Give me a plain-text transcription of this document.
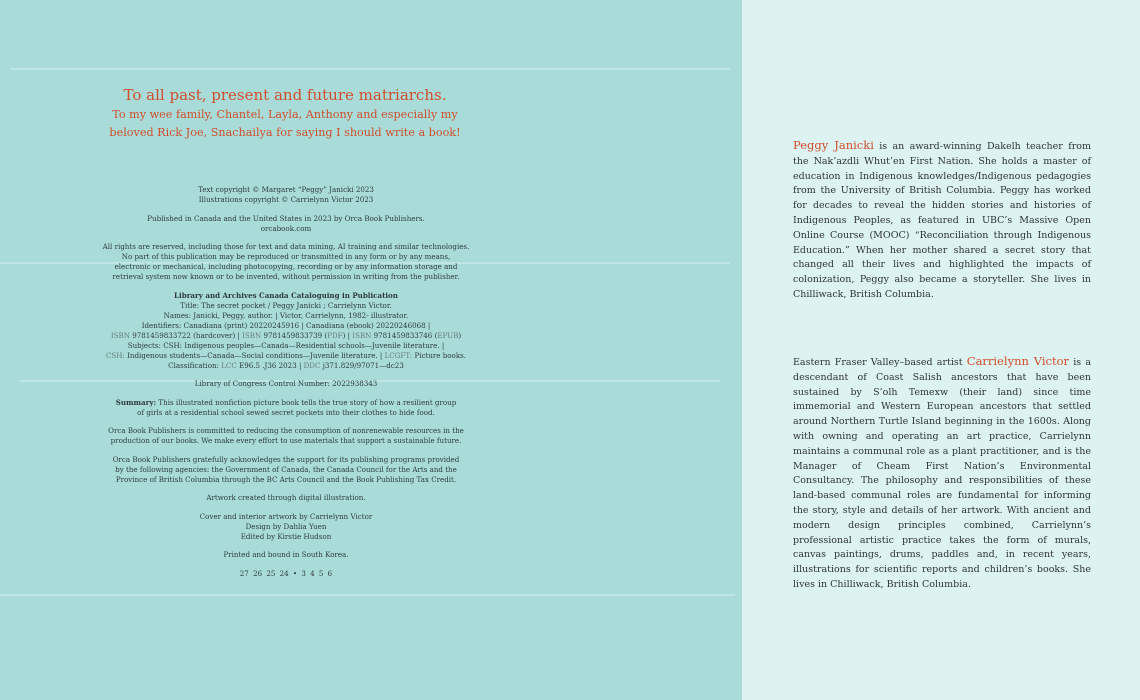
To all past, present and future matriarchs.
To my wee family, Chantel, Layla, Anthony and especially my
beloved Rick Joe, Snachailya for saying I should write a book!
Text copyright © Margaret “Peggy” Janicki 2023
Illustrations copyright © Carrielynn Victor 2023
Published in Canada and the United States in 2023 by Orca Book Publishers.
orcabook.com
All rights are reserved, including those for text and data mining, AI training and similar technologies.
No part of this publication may be reproduced or transmitted in any form or by any means,
electronic or mechanical, including photocopying, recording or by any information storage and
retrieval system now known or to be invented, without permission in writing from the publisher.
Library and Archives Canada Cataloguing in Publication
Title: The secret pocket / Peggy Janicki ; Carrielynn Victor.
Names: Janicki, Peggy, author. | Victor, Carrielynn, 1982- illustrator.
Identifiers: Canadiana (print) 20220245916 | Canadiana (ebook) 20220246068 |
ISBN 9781459833722 (hardcover) | ISBN 9781459833739 (PDF) | ISBN 9781459833746 (EPUB)
Subjects: CSH: Indigenous peoples—Canada—Residential schools—Juvenile literature. |
CSH: Indigenous students—Canada—Social conditions—Juvenile literature. | LCGFT: Picture books.
Classification: LCC E96.5 .J36 2023 | DDC j371.829/97071—dc23
Library of Congress Control Number: 2022938343
Summary: This illustrated nonfiction picture book tells the true story of how a resilient group
of girls at a residential school sewed secret pockets into their clothes to hide food.
Orca Book Publishers is committed to reducing the consumption of nonrenewable resources in the
production of our books. We make every effort to use materials that support a sustainable future.
Orca Book Publishers gratefully acknowledges the support for its publishing programs provided
by the following agencies: the Government of Canada, the Canada Council for the Arts and the
Province of British Columbia through the BC Arts Council and the Book Publishing Tax Credit.
Artwork created through digital illustration.
Cover and interior artwork by Carrielynn Victor
Design by Dahlia Yuen
Edited by Kirstie Hudson
Printed and bound in South Korea.
27 26 25 24 • 3 4 5 6
Peggy Janicki is an award-winning Dakelh teacher from the Nak’azdli Whut’en First Nation. She holds a master of education in Indigenous knowledges/Indigenous pedagogies from the University of British Columbia. Peggy has worked for decades to reveal the hidden stories and histories of Indigenous Peoples, as featured in UBC’s Massive Open Online Course (MOOC) “Reconciliation through Indigenous Education.” When her mother shared a secret story that changed all their lives and highlighted the impacts of colonization, Peggy also became a storyteller. She lives in Chilliwack, British Columbia.
Eastern Fraser Valley–based artist Carrielynn Victor is a descendant of Coast Salish ancestors that have been sustained by S’olh Temexw (their land) since time immemorial and Western European ancestors that settled around Northern Turtle Island beginning in the 1600s. Along with owning and operating an art practice, Carrielynn maintains a communal role as a plant practitioner, and is the Manager of Cheam First Nation’s Environmental Consultancy. The philosophy and responsibilities of these land-based communal roles are fundamental for informing the story, style and details of her artwork. With ancient and modern design principles combined, Carrielynn’s professional artistic practice takes the form of murals, canvas paintings, drums, paddles and, in recent years, illustrations for scientific reports and children’s books. She lives in Chilliwack, British Columbia.
